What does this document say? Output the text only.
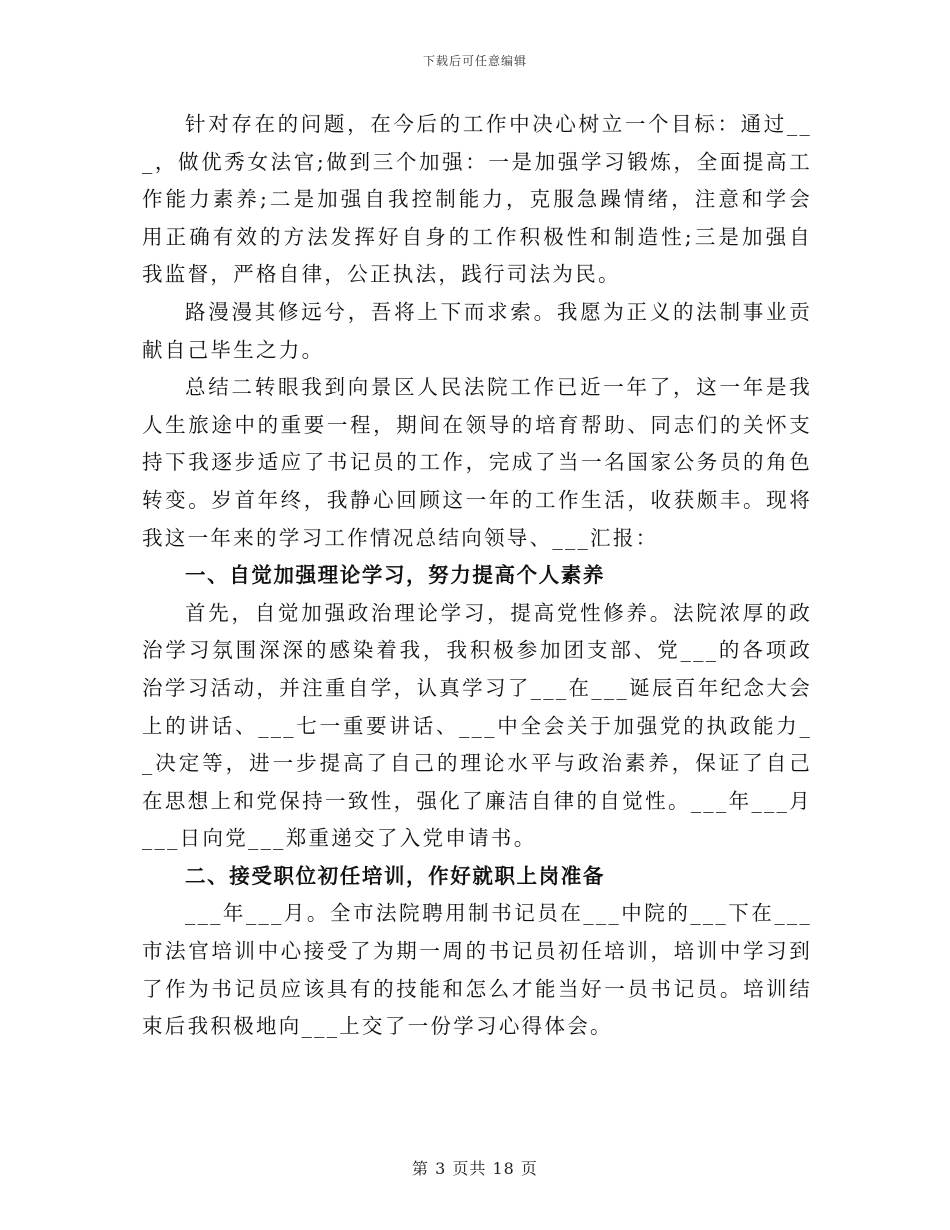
下载后可任意编辑

针对存在的问题，在今后的工作中决心树立一个目标：通过___，做优秀女法官;做到三个加强：一是加强学习锻炼，全面提高工作能力素养;二是加强自我控制能力，克服急躁情绪，注意和学会用正确有效的方法发挥好自身的工作积极性和制造性;三是加强自我监督，严格自律，公正执法，践行司法为民。

路漫漫其修远兮，吾将上下而求索。我愿为正义的法制事业贡献自己毕生之力。

总结二转眼我到向景区人民法院工作已近一年了，这一年是我人生旅途中的重要一程，期间在领导的培育帮助、同志们的关怀支持下我逐步适应了书记员的工作，完成了当一名国家公务员的角色转变。岁首年终，我静心回顾这一年的工作生活，收获颇丰。现将我这一年来的学习工作情况总结向领导、___汇报：

一、自觉加强理论学习，努力提高个人素养

首先，自觉加强政治理论学习，提高党性修养。法院浓厚的政治学习氛围深深的感染着我，我积极参加团支部、党___的各项政治学习活动，并注重自学，认真学习了___在___诞辰百年纪念大会上的讲话、___七一重要讲话、___中全会关于加强党的执政能力__决定等，进一步提高了自己的理论水平与政治素养，保证了自己在思想上和党保持一致性，强化了廉洁自律的自觉性。___年___月___日向党___郑重递交了入党申请书。

二、接受职位初任培训，作好就职上岗准备

___年___月。全市法院聘用制书记员在___中院的___下在___市法官培训中心接受了为期一周的书记员初任培训，培训中学习到了作为书记员应该具有的技能和怎么才能当好一员书记员。培训结束后我积极地向___上交了一份学习心得体会。

第 3 页共 18 页
